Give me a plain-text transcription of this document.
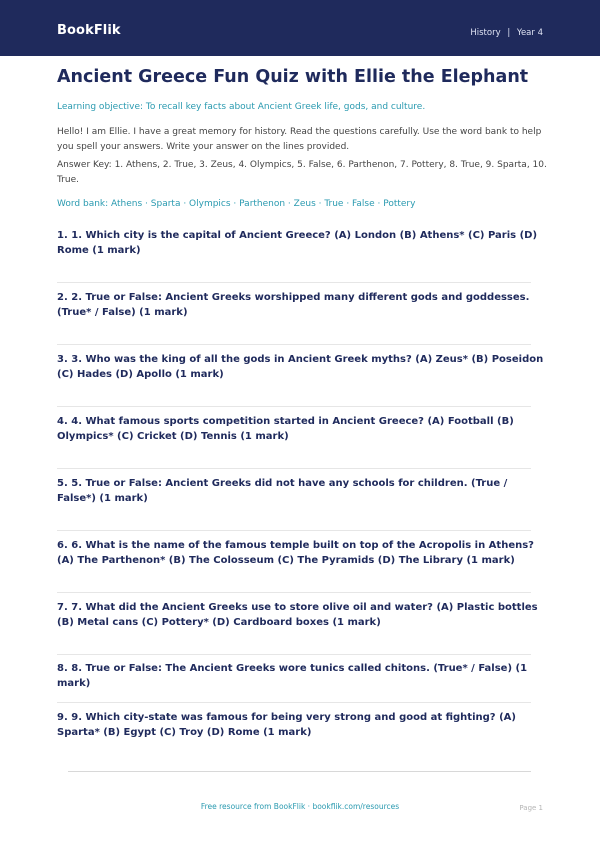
BookFlik	History | Year 4
Ancient Greece Fun Quiz with Ellie the Elephant
Learning objective: To recall key facts about Ancient Greek life, gods, and culture.
Hello! I am Ellie. I have a great memory for history. Read the questions carefully. Use the word bank to help you spell your answers. Write your answer on the lines provided.
Answer Key: 1. Athens, 2. True, 3. Zeus, 4. Olympics, 5. False, 6. Parthenon, 7. Pottery, 8. True, 9. Sparta, 10. True.
Word bank: Athens · Sparta · Olympics · Parthenon · Zeus · True · False · Pottery
1. 1. Which city is the capital of Ancient Greece? (A) London (B) Athens* (C) Paris (D) Rome (1 mark)
2. 2. True or False: Ancient Greeks worshipped many different gods and goddesses. (True* / False) (1 mark)
3. 3. Who was the king of all the gods in Ancient Greek myths? (A) Zeus* (B) Poseidon (C) Hades (D) Apollo (1 mark)
4. 4. What famous sports competition started in Ancient Greece? (A) Football (B) Olympics* (C) Cricket (D) Tennis (1 mark)
5. 5. True or False: Ancient Greeks did not have any schools for children. (True / False*) (1 mark)
6. 6. What is the name of the famous temple built on top of the Acropolis in Athens? (A) The Parthenon* (B) The Colosseum (C) The Pyramids (D) The Library (1 mark)
7. 7. What did the Ancient Greeks use to store olive oil and water? (A) Plastic bottles (B) Metal cans (C) Pottery* (D) Cardboard boxes (1 mark)
8. 8. True or False: The Ancient Greeks wore tunics called chitons. (True* / False) (1 mark)
9. 9. Which city-state was famous for being very strong and good at fighting? (A) Sparta* (B) Egypt (C) Troy (D) Rome (1 mark)
Free resource from BookFlik · bookflik.com/resources	Page 1
